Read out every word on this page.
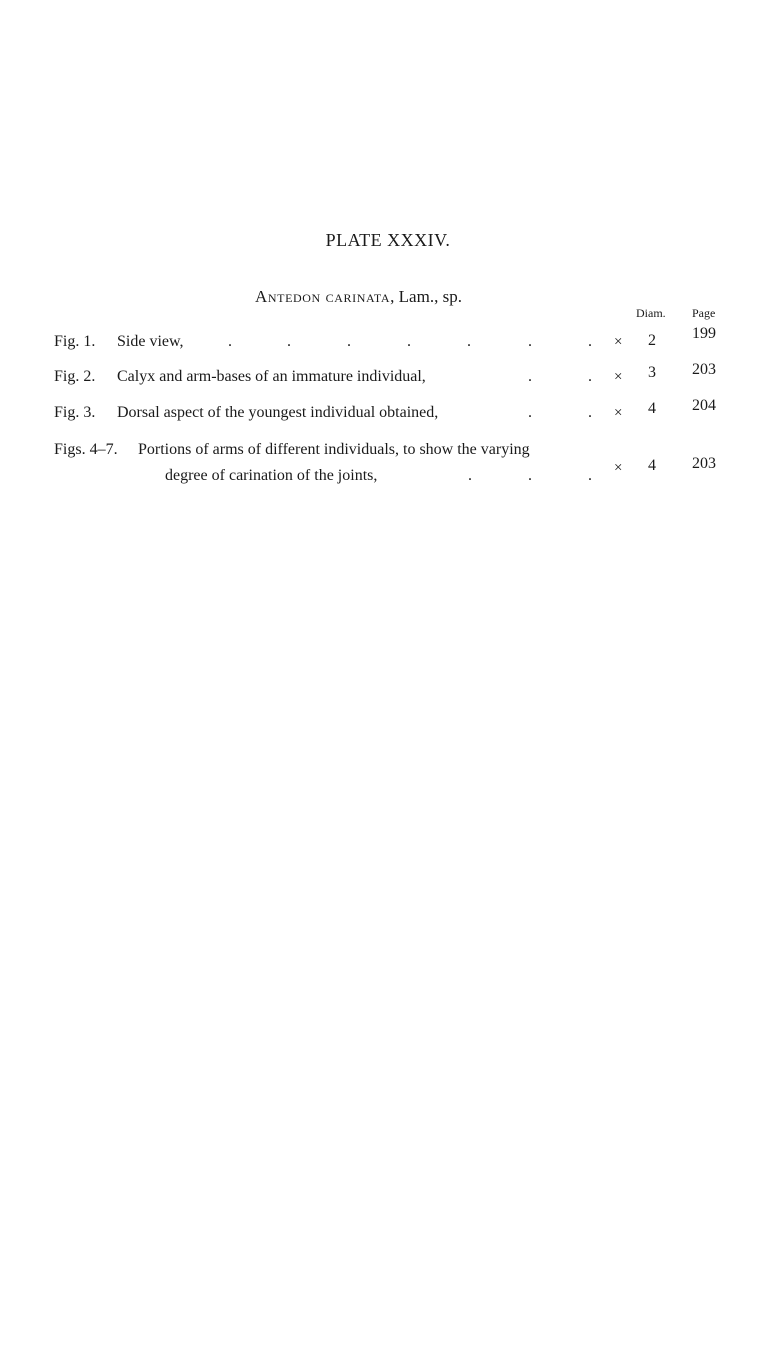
PLATE XXXIV.
Antedon carinata, Lam., sp.
Diam. Page
Fig. 1. Side view,	.	.	.	.	.	.	. × 2 199
Fig. 2. Calyx and arm-bases of an immature individual,	.	. × 3 203
Fig. 3. Dorsal aspect of the youngest individual obtained,	.	. × 4 204
Figs. 4–7. Portions of arms of different individuals, to show the varying
degree of carination of the joints,	.	.	. × 4 203
